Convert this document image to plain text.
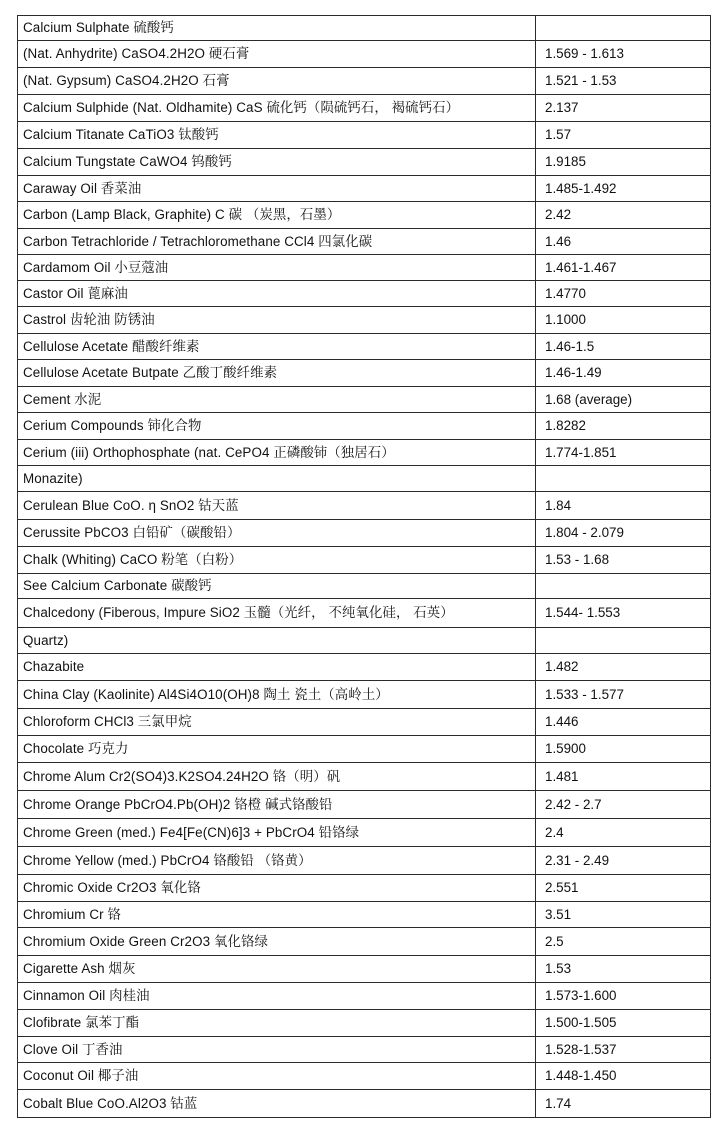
Calcium Sulphate 硫酸钙	
(Nat. Anhydrite) CaSO4.2H2O 硬石膏	1.569 - 1.613
(Nat. Gypsum) CaSO4.2H2O 石膏	1.521 - 1.53
Calcium Sulphide (Nat. Oldhamite) CaS 硫化钙（陨硫钙石， 褐硫钙石）	2.137
Calcium Titanate CaTiO3 钛酸钙	1.57
Calcium Tungstate CaWO4 钨酸钙	1.9185
Caraway Oil 香菜油	1.485-1.492
Carbon (Lamp Black, Graphite) C 碳 （炭黑，石墨）	2.42
Carbon Tetrachloride / Tetrachloromethane CCl4 四氯化碳	1.46
Cardamom Oil 小豆蔻油	1.461-1.467
Castor Oil 蓖麻油	1.4770
Castrol 齿轮油 防锈油	1.1000
Cellulose Acetate 醋酸纤维素	1.46-1.5
Cellulose Acetate Butpate 乙酸丁酸纤维素	1.46-1.49
Cement 水泥	1.68 (average)
Cerium Compounds 铈化合物	1.8282
Cerium (iii) Orthophosphate (nat. CePO4 正磷酸铈（独居石）	1.774-1.851
Monazite)	
Cerulean Blue CoO. η SnO2 钴天蓝	1.84
Cerussite PbCO3 白铅矿（碳酸铅）	1.804 - 2.079
Chalk (Whiting) CaCO 粉笔（白粉）	1.53 - 1.68
See Calcium Carbonate 碳酸钙	
Chalcedony (Fiberous, Impure SiO2 玉髓（光纤， 不纯氧化硅， 石英）	1.544- 1.553
Quartz)	
Chazabite	1.482
China Clay (Kaolinite) Al4Si4O10(OH)8 陶土 瓷土（高岭土）	1.533 - 1.577
Chloroform CHCl3 三氯甲烷	1.446
Chocolate 巧克力	1.5900
Chrome Alum Cr2(SO4)3.K2SO4.24H2O 铬（明）矾	1.481
Chrome Orange PbCrO4.Pb(OH)2 铬橙 碱式铬酸铅	2.42 - 2.7
Chrome Green (med.) Fe4[Fe(CN)6]3 + PbCrO4 铅铬绿	2.4
Chrome Yellow (med.) PbCrO4 铬酸铅 （铬黄）	2.31 - 2.49
Chromic Oxide Cr2O3 氧化铬	2.551
Chromium Cr 铬	3.51
Chromium Oxide Green Cr2O3 氧化铬绿	2.5
Cigarette Ash 烟灰	1.53
Cinnamon Oil 肉桂油	1.573-1.600
Clofibrate 氯苯丁酯	1.500-1.505
Clove Oil 丁香油	1.528-1.537
Coconut Oil 椰子油	1.448-1.450
Cobalt Blue CoO.Al2O3 钴蓝	1.74
